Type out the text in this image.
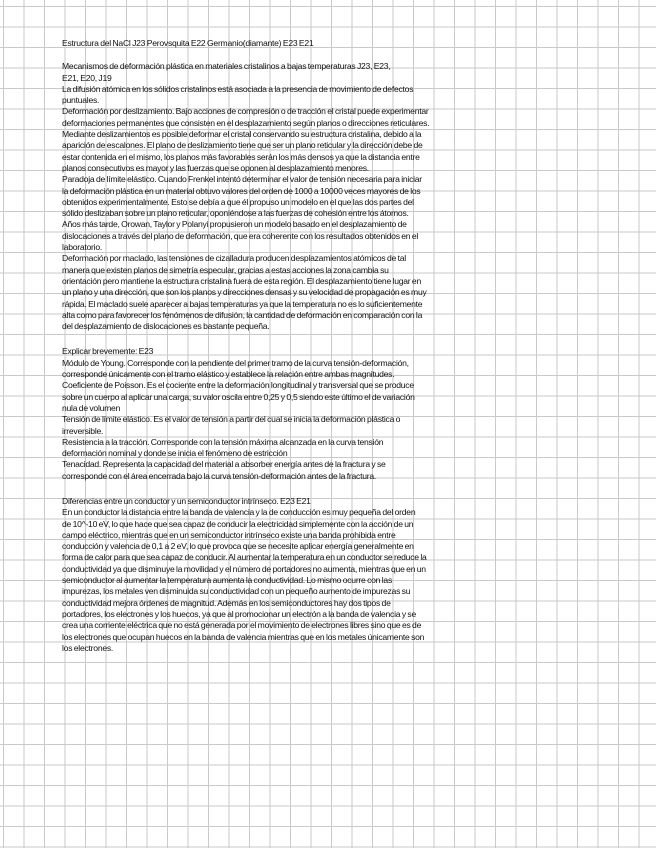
Estructura del NaCl J23 Perovsquita E22 Germanio(diamante) E23 E21

Mecanismos de deformación plástica en materiales cristalinos a bajas temperaturas J23, E23,

E21, E20, J19

La difusión atómica en los sólidos cristalinos está asociada a la presencia de movimiento de defectos

puntuales.

Deformación por deslizamiento. Bajo acciones de compresión o de tracción el cristal puede experimentar

deformaciones permanentes que consisten en el desplazamiento según planos o direcciones reticulares.

Mediante deslizamientos es posible deformar el cristal conservando su estructura cristalina, debido a la

aparición de escalones. El plano de deslizamiento tiene que ser un plano reticular y la dirección debe de

estar contenida en el mismo, los planos más favorables serán los más densos ya que la distancia entre

planos consecutivos es mayor y las fuerzas que se oponen al desplazamiento menores.

Paradoja de límite elástico. Cuando Frenkel intentó determinar el valor de tensión necesaria para iniciar

la deformación plástica en un material obtuvo valores del orden de 1000 a 10000 veces mayores de los

obtenidos experimentalmente. Esto se debía a que él propuso un modelo en el que las dos partes del

sólido deslizaban sobre un plano reticular, oponiéndose a las fuerzas de cohesión entre los átomos.

Años más tarde, Orowan, Taylor y Polanyi propusieron un modelo basado en el desplazamiento de

dislocaciones a través del plano de deformación, que era coherente con los resultados obtenidos en el

laboratorio.

Deformación por maclado, las tensiones de cizalladura producen desplazamientos atómicos de tal

manera que existen planos de simetría especular, gracias a estas acciones la zona cambia su

orientación pero mantiene la estructura cristalina fuera de esta región. El desplazamiento tiene lugar en

un plano y una dirección, que son los planos y direcciones densas y su velocidad de propagación es muy

rápida. El maclado suele aparecer a bajas temperaturas ya que la temperatura no es lo suficientemente

alta como para favorecer los fenómenos de difusión, la cantidad de deformación en comparación con la

del desplazamiento de dislocaciones es bastante pequeña.

Explicar brevemente: E23

Módulo de Young. Corresponde con la pendiente del primer tramo de la curva tensión-deformación,

corresponde únicamente con el tramo elástico y establece la relación entre ambas magnitudes.

Coeficiente de Poisson. Es el cociente entre la deformación longitudinal y transversal que se produce

sobre un cuerpo al aplicar una carga, su valor oscila entre 0,25 y 0,5 siendo este último el de variación

nula de volumen

Tensión de límite elástico. Es el valor de tensión a partir del cual se inicia la deformación plástica o

irreversible.

Resistencia a la tracción. Corresponde con la tensión máxima alcanzada en la curva tensión

deformación nominal y donde se inicia el fenómeno de estricción

Tenacidad. Representa la capacidad del material a absorber energía antes de la fractura y se

corresponde con el área encerrada bajo la curva tensión-deformación antes de la fractura.

Diferencias entre un conductor y un semiconductor intrínseco. E23 E21

En un conductor la distancia entre la banda de valencia y la de conducción es muy pequeña del orden

de 10^-10 eV, lo que hace que sea capaz de conducir la electricidad simplemente con la acción de un

campo eléctrico, mientras que en un semiconductor intrínseco existe una banda prohibida entre

conducción y valencia de 0,1 a 2 eV, lo que provoca que se necesite aplicar energía generalmente en

forma de calor para que sea capaz de conducir. Al aumentar la temperatura en un conductor se reduce la

conductividad ya que disminuye la movilidad y el número de portadores no aumenta, mientras que en un

semiconductor al aumentar la temperatura aumenta la conductividad. Lo mismo ocurre con las

impurezas, los metales ven disminuida su conductividad con un pequeño aumento de impurezas su

conductividad mejora órdenes de magnitud. Además en los semiconductores hay dos tipos de

portadores, los electrones y los huecos, ya que al promocionar un electrón a la banda de valencia y se

crea una corriente eléctrica que no está generada por el movimiento de electrones libres sino que es de

los electrones que ocupan huecos en la banda de valencia mientras que en los metales únicamente son

los electrones.
